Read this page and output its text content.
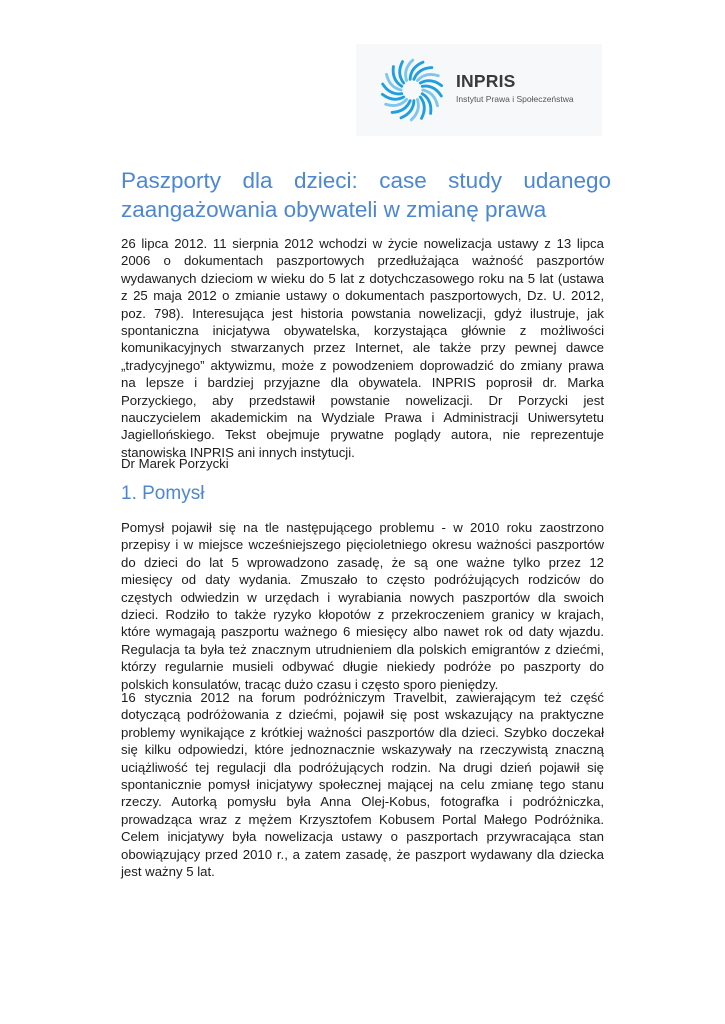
INPRIS
Instytut Prawa i Społeczeństwa
Paszporty dla dzieci: case study udanego
zaangażowania obywateli w zmianę prawa
26 lipca 2012. 11 sierpnia 2012 wchodzi w życie nowelizacja ustawy z 13 lipca
2006 o dokumentach paszportowych przedłużająca ważność paszportów
wydawanych dzieciom w wieku do 5 lat z dotychczasowego roku na 5 lat (ustawa
z 25 maja 2012 o zmianie ustawy o dokumentach paszportowych, Dz. U. 2012,
poz. 798). Interesująca jest historia powstania nowelizacji, gdyż ilustruje, jak
spontaniczna inicjatywa obywatelska, korzystająca głównie z możliwości
komunikacyjnych stwarzanych przez Internet, ale także przy pewnej dawce
„tradycyjnego” aktywizmu, może z powodzeniem doprowadzić do zmiany prawa
na lepsze i bardziej przyjazne dla obywatela. INPRIS poprosił dr. Marka
Porzyckiego, aby przedstawił powstanie nowelizacji. Dr Porzycki jest
nauczycielem akademickim na Wydziale Prawa i Administracji Uniwersytetu
Jagiellońskiego. Tekst obejmuje prywatne poglądy autora, nie reprezentuje
stanowiska INPRIS ani innych instytucji.
Dr Marek Porzycki
1. Pomysł
Pomysł pojawił się na tle następującego problemu - w 2010 roku zaostrzono
przepisy i w miejsce wcześniejszego pięcioletniego okresu ważności paszportów
do dzieci do lat 5 wprowadzono zasadę, że są one ważne tylko przez 12
miesięcy od daty wydania. Zmuszało to często podróżujących rodziców do
częstych odwiedzin w urzędach i wyrabiania nowych paszportów dla swoich
dzieci. Rodziło to także ryzyko kłopotów z przekroczeniem granicy w krajach,
które wymagają paszportu ważnego 6 miesięcy albo nawet rok od daty wjazdu.
Regulacja ta była też znacznym utrudnieniem dla polskich emigrantów z dziećmi,
którzy regularnie musieli odbywać długie niekiedy podróże po paszporty do
polskich konsulatów, tracąc dużo czasu i często sporo pieniędzy.
16 stycznia 2012 na forum podróżniczym Travelbit, zawierającym też część
dotyczącą podróżowania z dziećmi, pojawił się post wskazujący na praktyczne
problemy wynikające z krótkiej ważności paszportów dla dzieci. Szybko doczekał
się kilku odpowiedzi, które jednoznacznie wskazywały na rzeczywistą znaczną
uciążliwość tej regulacji dla podróżujących rodzin. Na drugi dzień pojawił się
spontanicznie pomysł inicjatywy społecznej mającej na celu zmianę tego stanu
rzeczy. Autorką pomysłu była Anna Olej-Kobus, fotografka i podróżniczka,
prowadząca wraz z mężem Krzysztofem Kobusem Portal Małego Podróżnika.
Celem inicjatywy była nowelizacja ustawy o paszportach przywracająca stan
obowiązujący przed 2010 r., a zatem zasadę, że paszport wydawany dla dziecka
jest ważny 5 lat.
